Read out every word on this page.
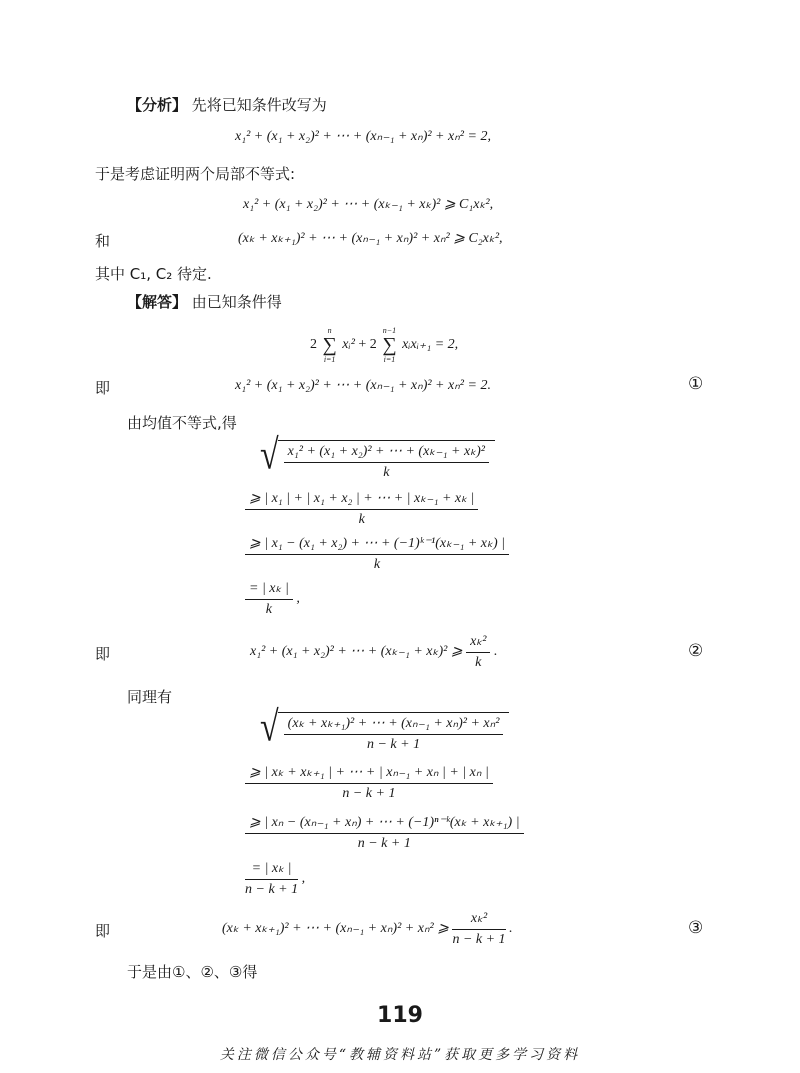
【分析】 先将已知条件改写为
x₁² + (x₁ + x₂)² + ⋯ + (xₙ₋₁ + xₙ)² + xₙ² = 2,
于是考虑证明两个局部不等式:
x₁² + (x₁ + x₂)² + ⋯ + (xₖ₋₁ + xₖ)² ⩾ C₁xₖ²,
和	(xₖ + xₖ₊₁)² + ⋯ + (xₙ₋₁ + xₙ)² + xₙ² ⩾ C₂xₖ²,
其中 C₁, C₂ 待定.
【解答】 由已知条件得
2
n
∑
i=1
xᵢ² + 2
n−1
∑
i=1
xᵢxᵢ₊₁ = 2,
即	x₁² + (x₁ + x₂)² + ⋯ + (xₙ₋₁ + xₙ)² + xₙ² = 2.	①
由均值不等式,得
√ $\frac{\text{x₁² + (x₁ + x₂)² + ⋯ + (xₖ₋₁ + xₖ)²}}{k}$
$\frac{\text{⩾ | x₁ | + | x₁ + x₂ | + ⋯ + | xₖ₋₁ + xₖ |}}{k}$
$\frac{\text{⩾ | x₁ − (x₁ + x₂) + ⋯ + (−1)ᵏ⁻¹(xₖ₋₁ + xₖ) |}}{k}$
$\frac{\text{= | xₖ |}}{k}$ ,
即	x₁² + (x₁ + x₂)² + ⋯ + (xₖ₋₁ + xₖ)² ⩾ $\frac{\text{xₖ²}}{k}$ .	②
同理有
√ $\frac{\text{(xₖ + xₖ₊₁)² + ⋯ + (xₙ₋₁ + xₙ)² + xₙ²}}{n - k + 1}$
$\frac{\text{⩾ | xₖ + xₖ₊₁ | + ⋯ + | xₙ₋₁ + xₙ | + | xₙ |}}{n - k + 1}$
$\frac{\text{⩾ | xₙ − (xₙ₋₁ + xₙ) + ⋯ + (−1)ⁿ⁻ᵏ(xₖ + xₖ₊₁) |}}{n - k + 1}$
$\frac{\text{= | xₖ |}}{n - k + 1}$ ,
即	(xₖ + xₖ₊₁)² + ⋯ + (xₙ₋₁ + xₙ)² + xₙ² ⩾ $\frac{\text{xₖ²}}{n - k + 1}$ .	③
于是由①、②、③得
119
关注微信公众号“教辅资料站”获取更多学习资料
